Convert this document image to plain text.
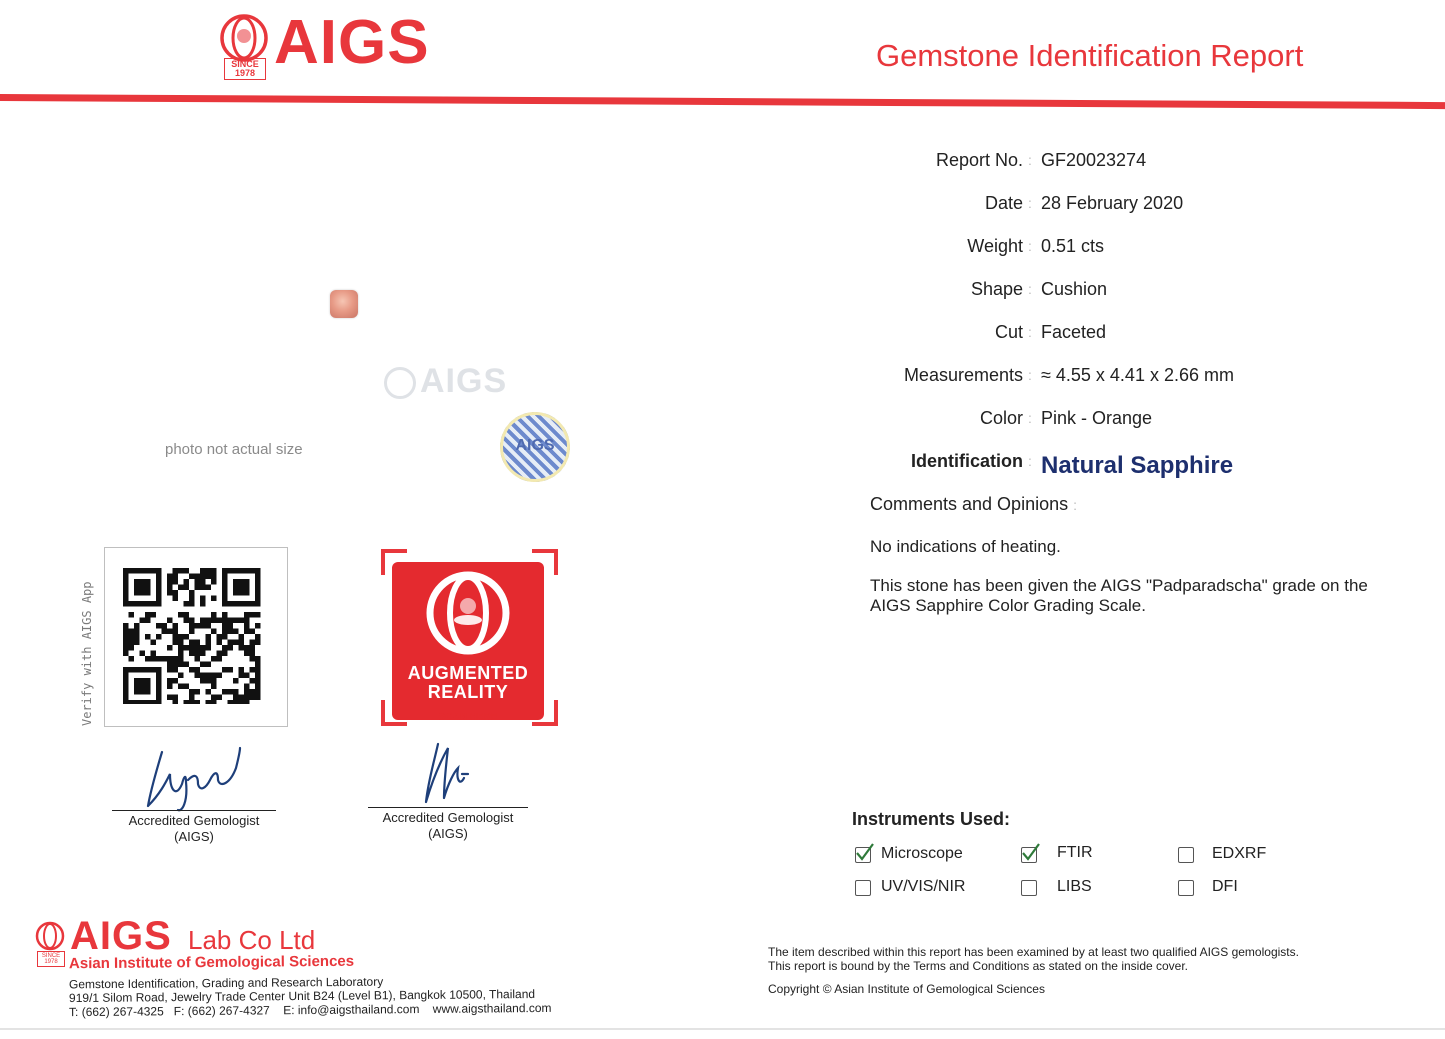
SINCE
1978 AIGS	Gemstone Identification Report
AIGS
photo not actual size	AIGS
Report No. : GF20023274
Date : 28 February 2020
Weight : 0.51 cts
Shape : Cushion
Cut : Faceted
Measurements : ≈ 4.55 x 4.41 x 2.66 mm
Color : Pink - Orange
Identification : Natural Sapphire
Comments and Opinions :
No indications of heating.
This stone has been given the AIGS "Padparadscha" grade on the AIGS Sapphire Color Grading Scale.
Verify with AIGS App	AUGMENTED
REALITY
SCAN HERE
Accredited Gemologist
(AIGS)
Accredited Gemologist
(AIGS)
Instruments Used:
Microscope	FTIR	EDXRF
UV/VIS/NIR	LIBS	DFI
SINCE
1978
AIGS Lab Co Ltd
Asian Institute of Gemological Sciences
Gemstone Identification, Grading and Research Laboratory
919/1 Silom Road, Jewelry Trade Center Unit B24 (Level B1), Bangkok 10500, Thailand
T: (662) 267-4325 F: (662) 267-4327 E: info@aigsthailand.com www.aigsthailand.com
The item described within this report has been examined by at least two qualified AIGS gemologists.
This report is bound by the Terms and Conditions as stated on the inside cover.
Copyright © Asian Institute of Gemological Sciences
